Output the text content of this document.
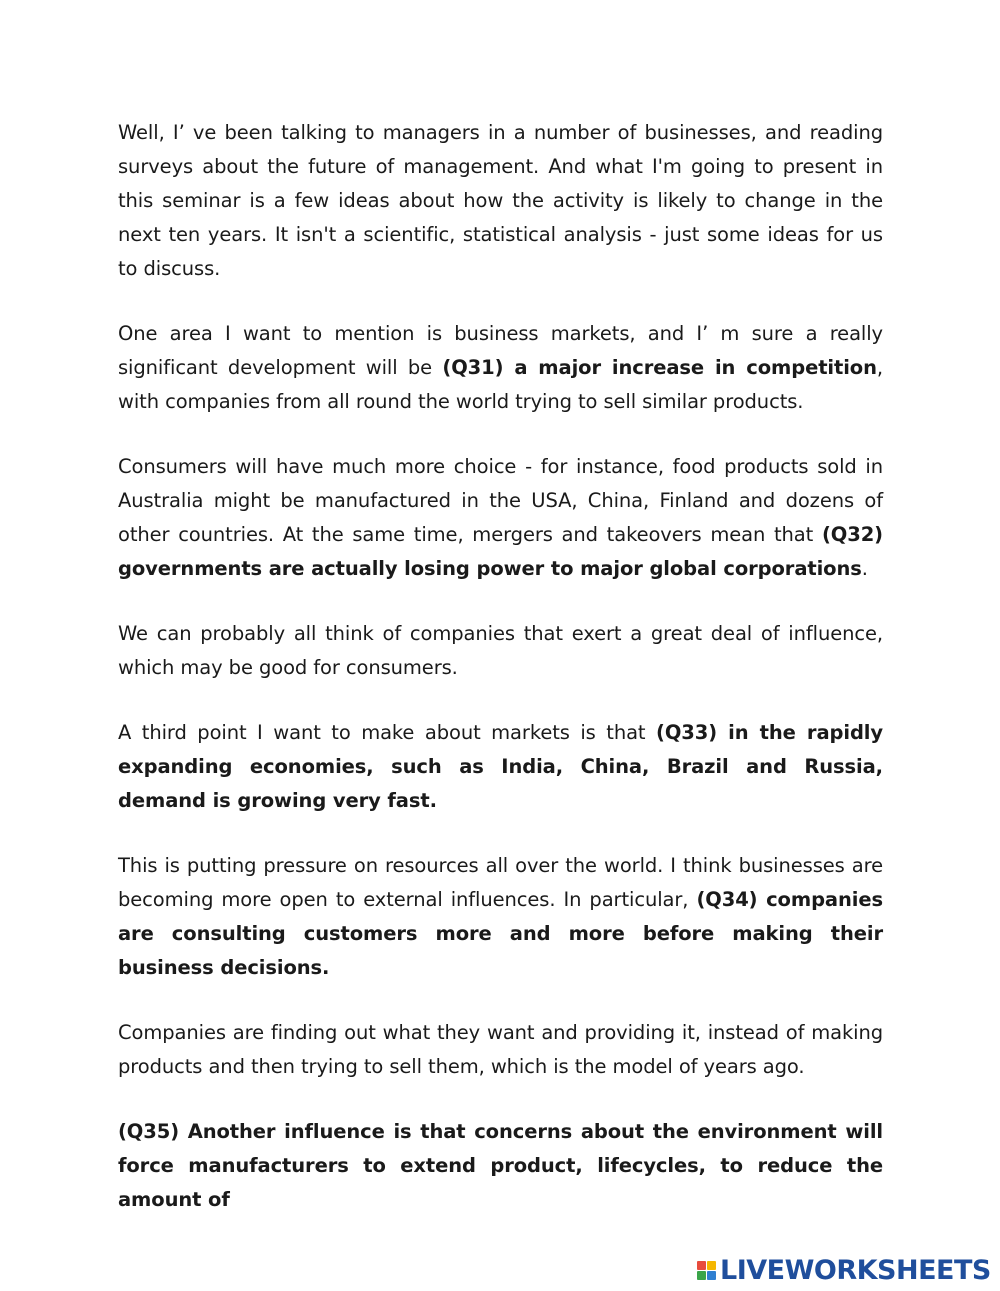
Well, I’ ve been talking to managers in a number of businesses, and reading surveys about the future of management. And what I'm going to present in this seminar is a few ideas about how the activity is likely to change in the next ten years. It isn't a scientific, statistical analysis - just some ideas for us to discuss.

One area I want to mention is business markets, and I’ m sure a really significant development will be (Q31) a major increase in competition, with companies from all round the world trying to sell similar products.

Consumers will have much more choice - for instance, food products sold in Australia might be manufactured in the USA, China, Finland and dozens of other countries. At the same time, mergers and takeovers mean that (Q32) governments are actually losing power to major global corporations.

We can probably all think of companies that exert a great deal of influence, which may be good for consumers.

A third point I want to make about markets is that (Q33) in the rapidly expanding economies, such as India, China, Brazil and Russia, demand is growing very fast.

This is putting pressure on resources all over the world. I think businesses are becoming more open to external influences. In particular, (Q34) companies are consulting customers more and more before making their business decisions.

Companies are finding out what they want and providing it, instead of making products and then trying to sell them, which is the model of years ago.

(Q35) Another influence is that concerns about the environment will force manufacturers to extend product, lifecycles, to reduce the amount of

LIVEWORKSHEETS
